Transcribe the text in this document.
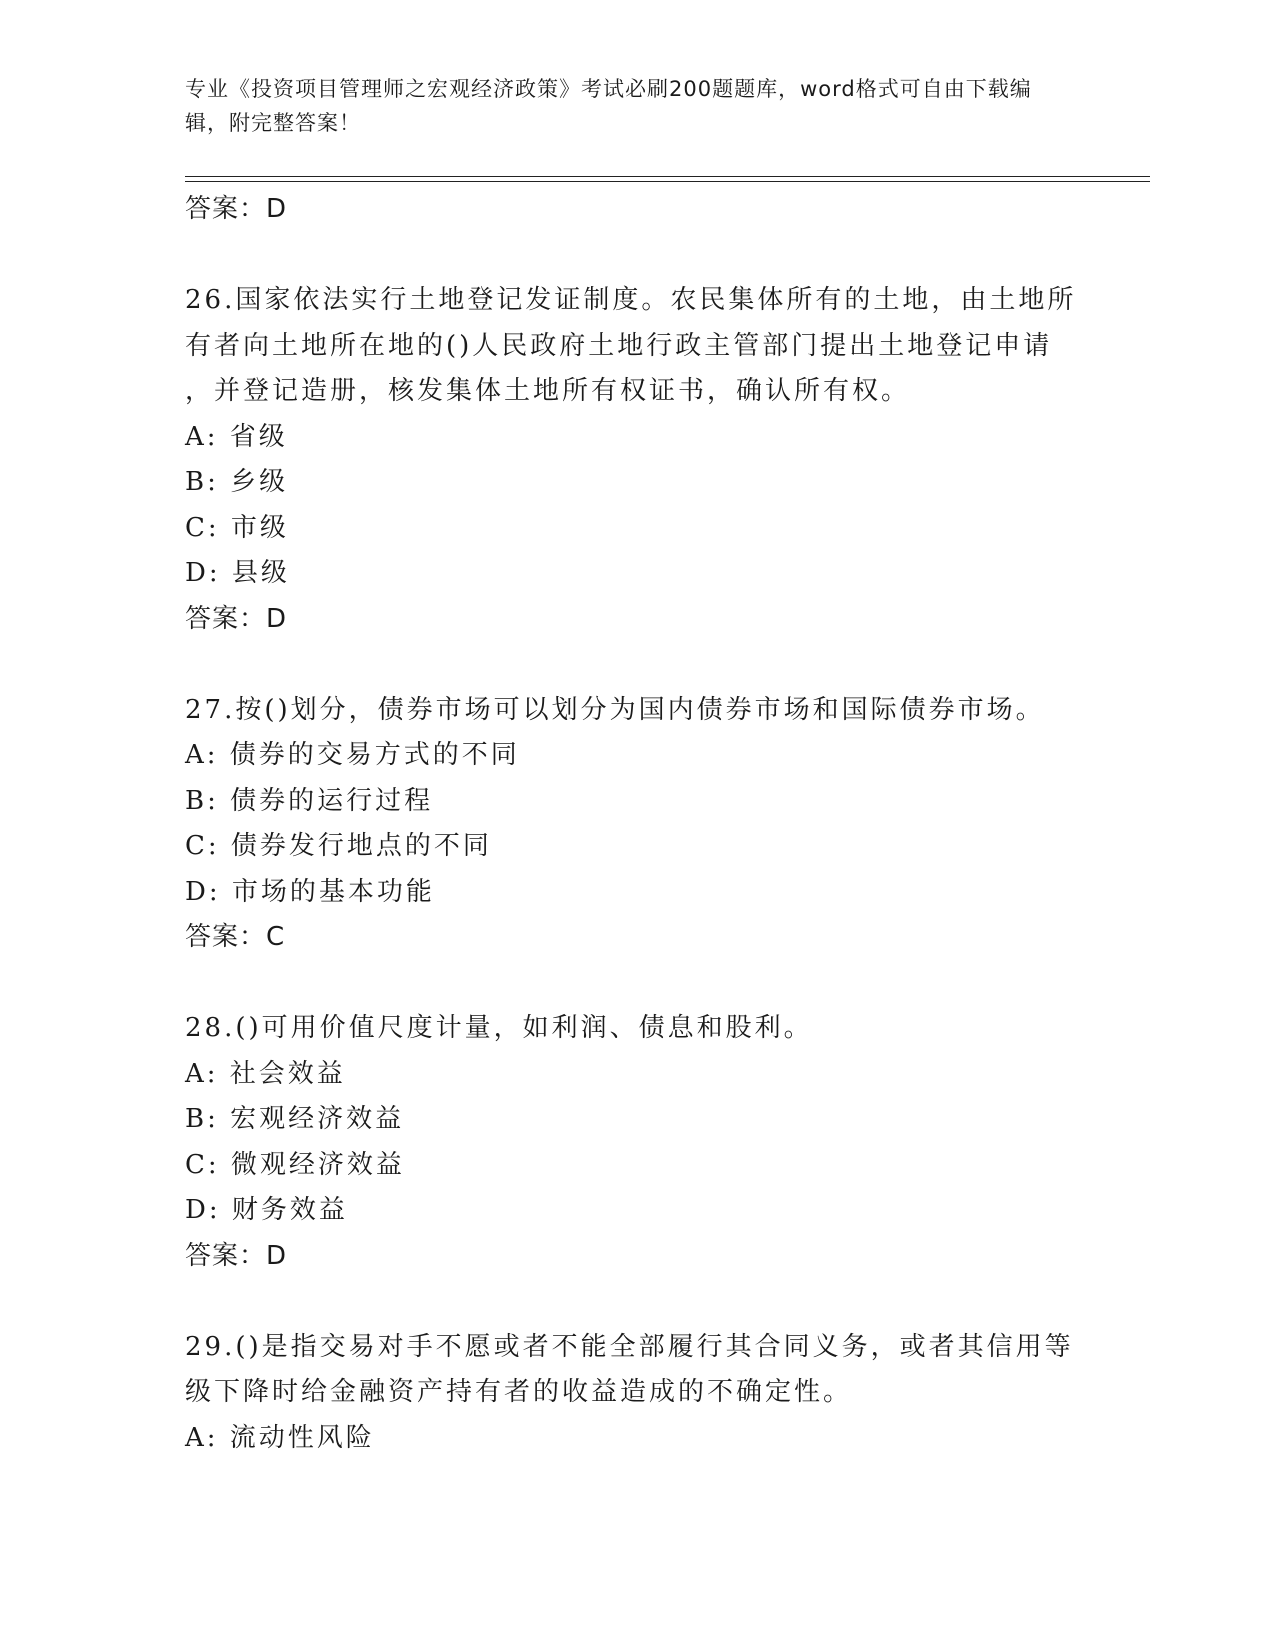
专业《投资项目管理师之宏观经济政策》考试必刷200题题库，word格式可自由下载编辑，附完整答案！

答案：D

26.国家依法实行土地登记发证制度。农民集体所有的土地，由土地所

有者向土地所在地的()人民政府土地行政主管部门提出土地登记申请

，并登记造册，核发集体土地所有权证书，确认所有权。

A: 省级

B: 乡级

C: 市级

D: 县级

答案：D

27.按()划分，债券市场可以划分为国内债券市场和国际债券市场。

A: 债券的交易方式的不同

B: 债券的运行过程

C: 债券发行地点的不同

D: 市场的基本功能

答案：C

28.()可用价值尺度计量，如利润、债息和股利。

A: 社会效益

B: 宏观经济效益

C: 微观经济效益

D: 财务效益

答案：D

29.()是指交易对手不愿或者不能全部履行其合同义务，或者其信用等

级下降时给金融资产持有者的收益造成的不确定性。

A: 流动性风险
